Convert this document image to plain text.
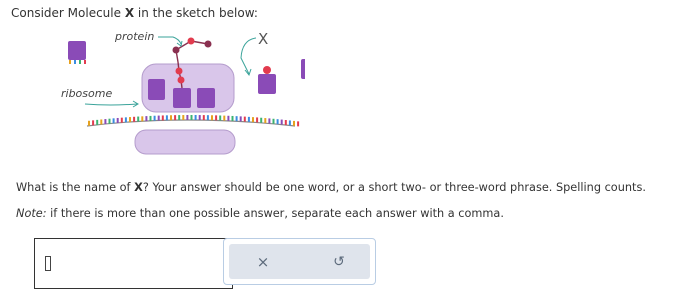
Consider Molecule X in the sketch below:
protein
ribosome
X
What is the name of X? Your answer should be one word, or a short two- or three-word phrase. Spelling counts.
Note: if there is more than one possible answer, separate each answer with a comma.
×	↺
